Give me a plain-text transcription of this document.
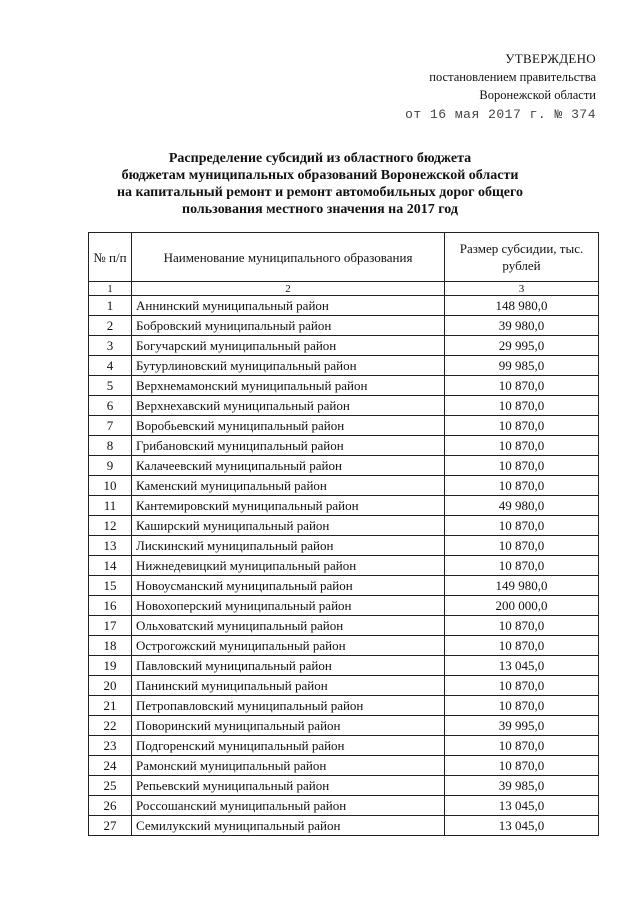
УТВЕРЖДЕНО
постановлением правительства
Воронежской области
от 16 мая 2017 г. № 374
Распределение субсидий из областного бюджета
бюджетам муниципальных образований Воронежской области
на капитальный ремонт и ремонт автомобильных дорог общего
пользования местного значения на 2017 год
№ п/п	Наименование муниципального образования	Размер субсидии, тыс. рублей
1	2	3
1	Аннинский муниципальный район	148 980,0
2	Бобровский муниципальный район	39 980,0
3	Богучарский муниципальный район	29 995,0
4	Бутурлиновский муниципальный район	99 985,0
5	Верхнемамонский муниципальный район	10 870,0
6	Верхнехавский муниципальный район	10 870,0
7	Воробьевский муниципальный район	10 870,0
8	Грибановский муниципальный район	10 870,0
9	Калачеевский муниципальный район	10 870,0
10	Каменский муниципальный район	10 870,0
11	Кантемировский муниципальный район	49 980,0
12	Каширский муниципальный район	10 870,0
13	Лискинский муниципальный район	10 870,0
14	Нижнедевицкий муниципальный район	10 870,0
15	Новоусманский муниципальный район	149 980,0
16	Новохоперский муниципальный район	200 000,0
17	Ольховатский муниципальный район	10 870,0
18	Острогожский муниципальный район	10 870,0
19	Павловский муниципальный район	13 045,0
20	Панинский муниципальный район	10 870,0
21	Петропавловский муниципальный район	10 870,0
22	Поворинский муниципальный район	39 995,0
23	Подгоренский муниципальный район	10 870,0
24	Рамонский муниципальный район	10 870,0
25	Репьевский муниципальный район	39 985,0
26	Россошанский муниципальный район	13 045,0
27	Семилукский муниципальный район	13 045,0
